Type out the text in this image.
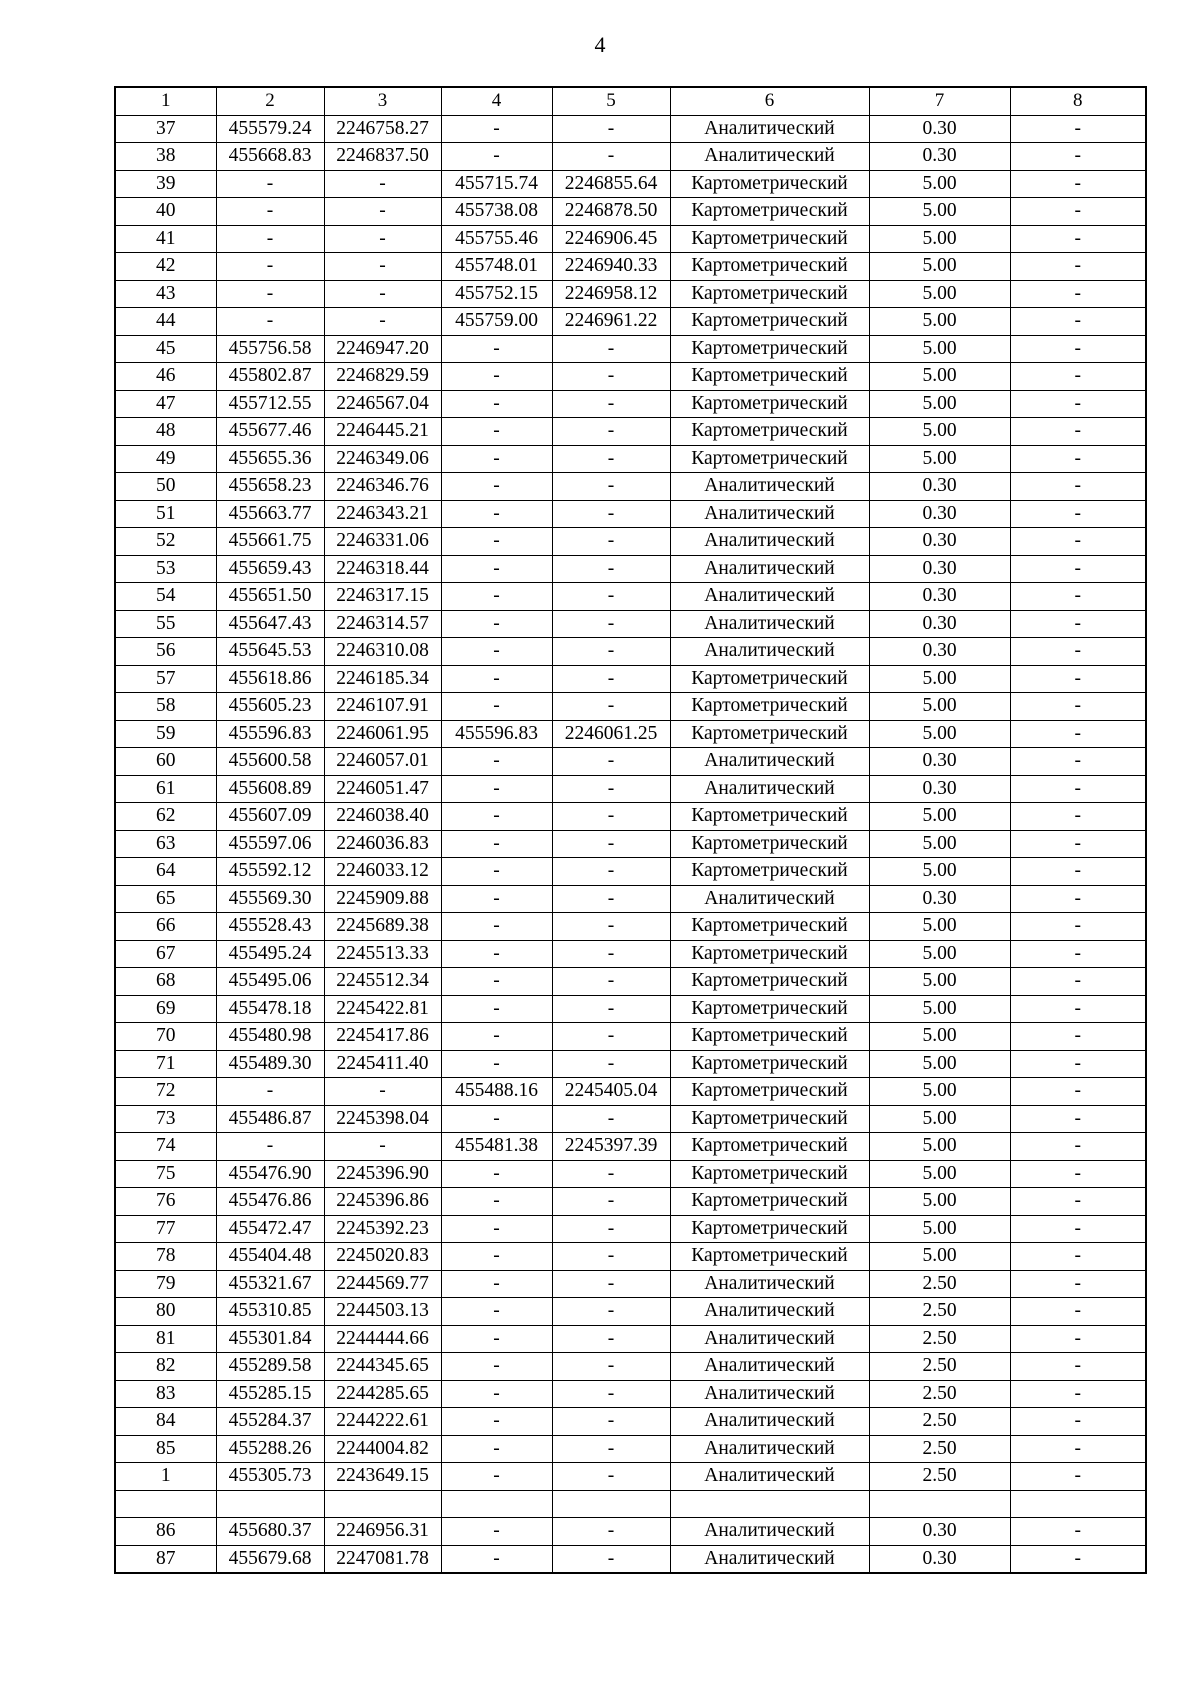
4
1	2	3	4	5	6	7	8
37	455579.24	2246758.27	-	-	Аналитический	0.30	-
38	455668.83	2246837.50	-	-	Аналитический	0.30	-
39	-	-	455715.74	2246855.64	Картометрический	5.00	-
40	-	-	455738.08	2246878.50	Картометрический	5.00	-
41	-	-	455755.46	2246906.45	Картометрический	5.00	-
42	-	-	455748.01	2246940.33	Картометрический	5.00	-
43	-	-	455752.15	2246958.12	Картометрический	5.00	-
44	-	-	455759.00	2246961.22	Картометрический	5.00	-
45	455756.58	2246947.20	-	-	Картометрический	5.00	-
46	455802.87	2246829.59	-	-	Картометрический	5.00	-
47	455712.55	2246567.04	-	-	Картометрический	5.00	-
48	455677.46	2246445.21	-	-	Картометрический	5.00	-
49	455655.36	2246349.06	-	-	Картометрический	5.00	-
50	455658.23	2246346.76	-	-	Аналитический	0.30	-
51	455663.77	2246343.21	-	-	Аналитический	0.30	-
52	455661.75	2246331.06	-	-	Аналитический	0.30	-
53	455659.43	2246318.44	-	-	Аналитический	0.30	-
54	455651.50	2246317.15	-	-	Аналитический	0.30	-
55	455647.43	2246314.57	-	-	Аналитический	0.30	-
56	455645.53	2246310.08	-	-	Аналитический	0.30	-
57	455618.86	2246185.34	-	-	Картометрический	5.00	-
58	455605.23	2246107.91	-	-	Картометрический	5.00	-
59	455596.83	2246061.95	455596.83	2246061.25	Картометрический	5.00	-
60	455600.58	2246057.01	-	-	Аналитический	0.30	-
61	455608.89	2246051.47	-	-	Аналитический	0.30	-
62	455607.09	2246038.40	-	-	Картометрический	5.00	-
63	455597.06	2246036.83	-	-	Картометрический	5.00	-
64	455592.12	2246033.12	-	-	Картометрический	5.00	-
65	455569.30	2245909.88	-	-	Аналитический	0.30	-
66	455528.43	2245689.38	-	-	Картометрический	5.00	-
67	455495.24	2245513.33	-	-	Картометрический	5.00	-
68	455495.06	2245512.34	-	-	Картометрический	5.00	-
69	455478.18	2245422.81	-	-	Картометрический	5.00	-
70	455480.98	2245417.86	-	-	Картометрический	5.00	-
71	455489.30	2245411.40	-	-	Картометрический	5.00	-
72	-	-	455488.16	2245405.04	Картометрический	5.00	-
73	455486.87	2245398.04	-	-	Картометрический	5.00	-
74	-	-	455481.38	2245397.39	Картометрический	5.00	-
75	455476.90	2245396.90	-	-	Картометрический	5.00	-
76	455476.86	2245396.86	-	-	Картометрический	5.00	-
77	455472.47	2245392.23	-	-	Картометрический	5.00	-
78	455404.48	2245020.83	-	-	Картометрический	5.00	-
79	455321.67	2244569.77	-	-	Аналитический	2.50	-
80	455310.85	2244503.13	-	-	Аналитический	2.50	-
81	455301.84	2244444.66	-	-	Аналитический	2.50	-
82	455289.58	2244345.65	-	-	Аналитический	2.50	-
83	455285.15	2244285.65	-	-	Аналитический	2.50	-
84	455284.37	2244222.61	-	-	Аналитический	2.50	-
85	455288.26	2244004.82	-	-	Аналитический	2.50	-
1	455305.73	2243649.15	-	-	Аналитический	2.50	-

86	455680.37	2246956.31	-	-	Аналитический	0.30	-
87	455679.68	2247081.78	-	-	Аналитический	0.30	-
